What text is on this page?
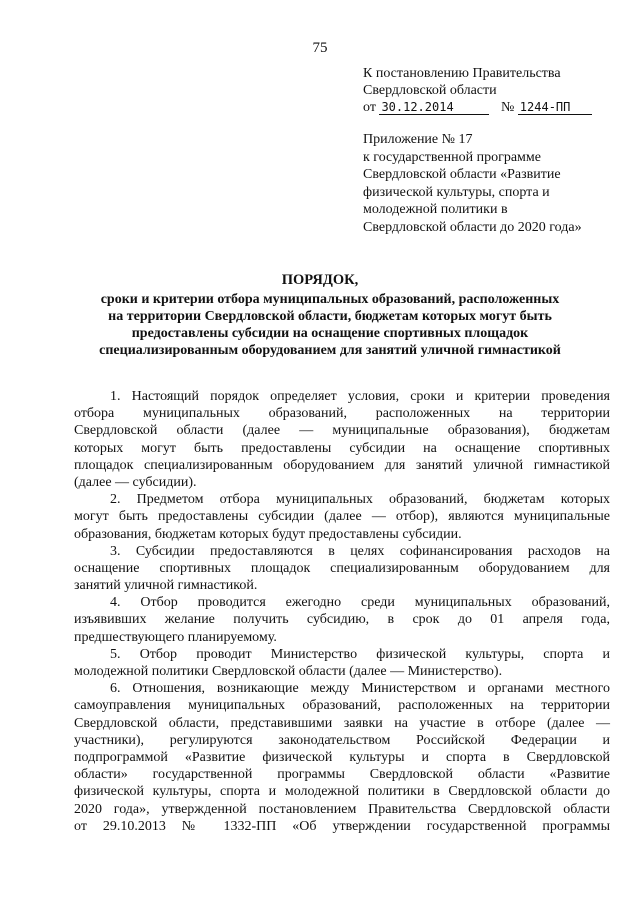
75
К постановлению Правительства
Свердловской области
от 30.12.2014	№ 1244-ПП
Приложение № 17
к государственной программе
Свердловской области «Развитие
физической культуры, спорта и
молодежной политики в
Свердловской области до 2020 года»
ПОРЯДОК,
сроки и критерии отбора муниципальных образований, расположенных
на территории Свердловской области, бюджетам которых могут быть
предоставлены субсидии на оснащение спортивных площадок
специализированным оборудованием для занятий уличной гимнастикой
1. Настоящий порядок определяет условия, сроки и критерии проведения
отбора муниципальных образований, расположенных на территории
Свердловской области (далее — муниципальные образования), бюджетам
которых могут быть предоставлены субсидии на оснащение спортивных
площадок специализированным оборудованием для занятий уличной гимнастикой
(далее — субсидии).
2. Предметом отбора муниципальных образований, бюджетам которых
могут быть предоставлены субсидии (далее — отбор), являются муниципальные
образования, бюджетам которых будут предоставлены субсидии.
3. Субсидии предоставляются в целях софинансирования расходов на
оснащение спортивных площадок специализированным оборудованием для
занятий уличной гимнастикой.
4. Отбор проводится ежегодно среди муниципальных образований,
изъявивших желание получить субсидию, в срок до 01 апреля года,
предшествующего планируемому.
5. Отбор проводит Министерство физической культуры, спорта и
молодежной политики Свердловской области (далее — Министерство).
6. Отношения, возникающие между Министерством и органами местного
самоуправления муниципальных образований, расположенных на территории
Свердловской области, представившими заявки на участие в отборе (далее —
участники), регулируются законодательством Российской Федерации и
подпрограммой «Развитие физической культуры и спорта в Свердловской
области» государственной программы Свердловской области «Развитие
физической культуры, спорта и молодежной политики в Свердловской области до
2020 года», утвержденной постановлением Правительства Свердловской области
от 29.10.2013 № 1332-ПП «Об утверждении государственной программы
